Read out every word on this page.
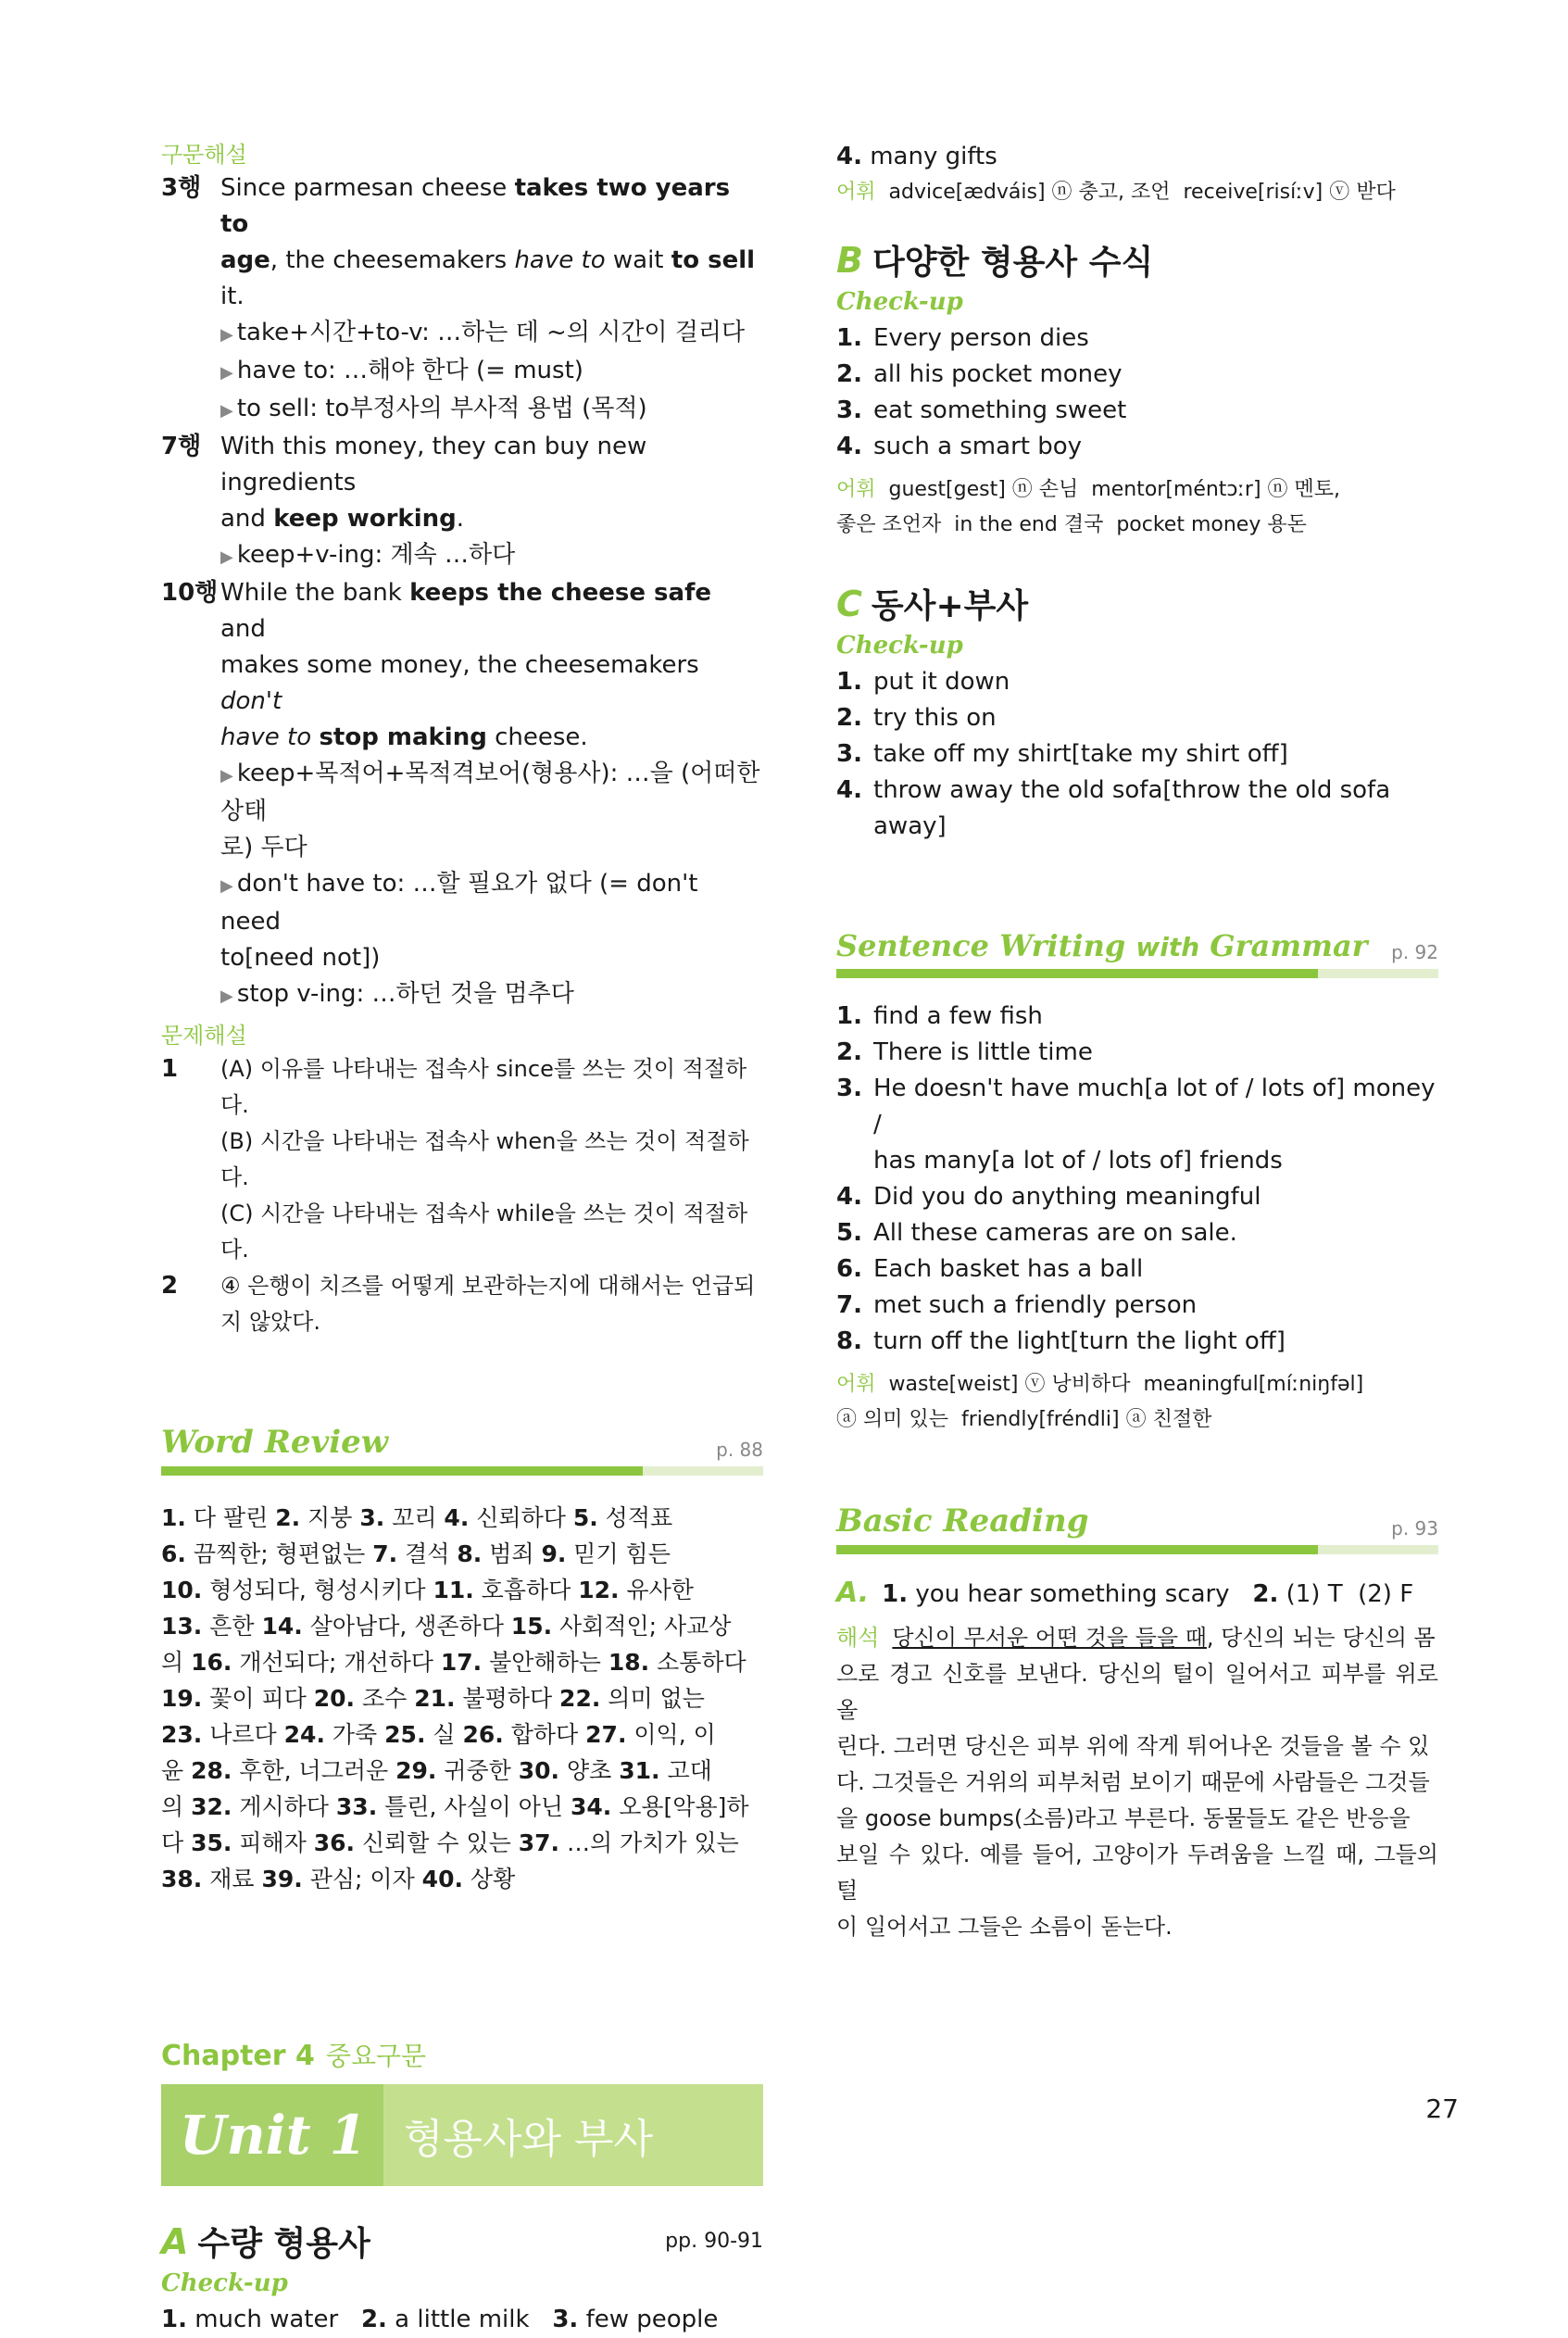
구문해설
3행 Since parmesan cheese takes two years to
age, the cheesemakers have to wait to sell it.
▶ take+시간+to-v: …하는 데 ~의 시간이 걸리다
▶ have to: …해야 한다 (= must)
▶ to sell: to부정사의 부사적 용법 (목적)
7행 With this money, they can buy new ingredients
and keep working.
▶ keep+v-ing: 계속 …하다
10행 While the bank keeps the cheese safe and
makes some money, the cheesemakers don't
have to stop making cheese.
▶ keep+목적어+목적격보어(형용사): …을 (어떠한 상태
로) 두다
▶ don't have to: …할 필요가 없다 (= don't need
to[need not])
▶ stop v-ing: …하던 것을 멈추다
문제해설
1	(A) 이유를 나타내는 접속사 since를 쓰는 것이 적절하다.
(B) 시간을 나타내는 접속사 when을 쓰는 것이 적절하다.
(C) 시간을 나타내는 접속사 while을 쓰는 것이 적절하다.
2	④ 은행이 치즈를 어떻게 보관하는지에 대해서는 언급되
지 않았다.
Word Review	p. 88
1. 다 팔린 2. 지붕 3. 꼬리 4. 신뢰하다 5. 성적표
6. 끔찍한; 형편없는 7. 결석 8. 범죄 9. 믿기 힘든
10. 형성되다, 형성시키다 11. 호흡하다 12. 유사한
13. 흔한 14. 살아남다, 생존하다 15. 사회적인; 사교상
의 16. 개선되다; 개선하다 17. 불안해하는 18. 소통하다
19. 꽃이 피다 20. 조수 21. 불평하다 22. 의미 없는
23. 나르다 24. 가죽 25. 실 26. 합하다 27. 이익, 이
윤 28. 후한, 너그러운 29. 귀중한 30. 양초 31. 고대
의 32. 게시하다 33. 틀린, 사실이 아닌 34. 오용[악용]하
다 35. 피해자 36. 신뢰할 수 있는 37. …의 가치가 있는
38. 재료 39. 관심; 이자 40. 상황
Chapter 4 중요구문
Unit 1 형용사와 부사
A 수량 형용사	pp. 90-91
Check-up
1. much water   2. a little milk   3. few people
4. many gifts
어휘 advice[ædváis] ⓝ 충고, 조언  receive[risíːv] ⓥ 받다
B 다양한 형용사 수식
Check-up
1. Every person dies
2. all his pocket money
3. eat something sweet
4. such a smart boy
어휘 guest[gest] ⓝ 손님  mentor[méntɔːr] ⓝ 멘토,
좋은 조언자  in the end 결국  pocket money 용돈
C 동사+부사
Check-up
1. put it down
2. try this on
3. take off my shirt[take my shirt off]
4. throw away the old sofa[throw the old sofa
away]
Sentence Writing with Grammar p. 92
1. find a few fish
2. There is little time
3. He doesn't have much[a lot of / lots of] money /
has many[a lot of / lots of] friends
4. Did you do anything meaningful
5. All these cameras are on sale.
6. Each basket has a ball
7. met such a friendly person
8. turn off the light[turn the light off]
어휘 waste[weist] ⓥ 낭비하다  meaningful[míːniŋfəl]
ⓐ 의미 있는  friendly[fréndli] ⓐ 친절한
Basic Reading	p. 93
A. 1. you hear something scary   2. (1) T  (2) F
해석 당신이 무서운 어떤 것을 들을 때, 당신의 뇌는 당신의 몸
으로 경고 신호를 보낸다. 당신의 털이 일어서고 피부를 위로 올
린다. 그러면 당신은 피부 위에 작게 튀어나온 것들을 볼 수 있
다. 그것들은 거위의 피부처럼 보이기 때문에 사람들은 그것들
을 goose bumps(소름)라고 부른다. 동물들도 같은 반응을
보일 수 있다. 예를 들어, 고양이가 두려움을 느낄 때, 그들의 털
이 일어서고 그들은 소름이 돋는다.
27
